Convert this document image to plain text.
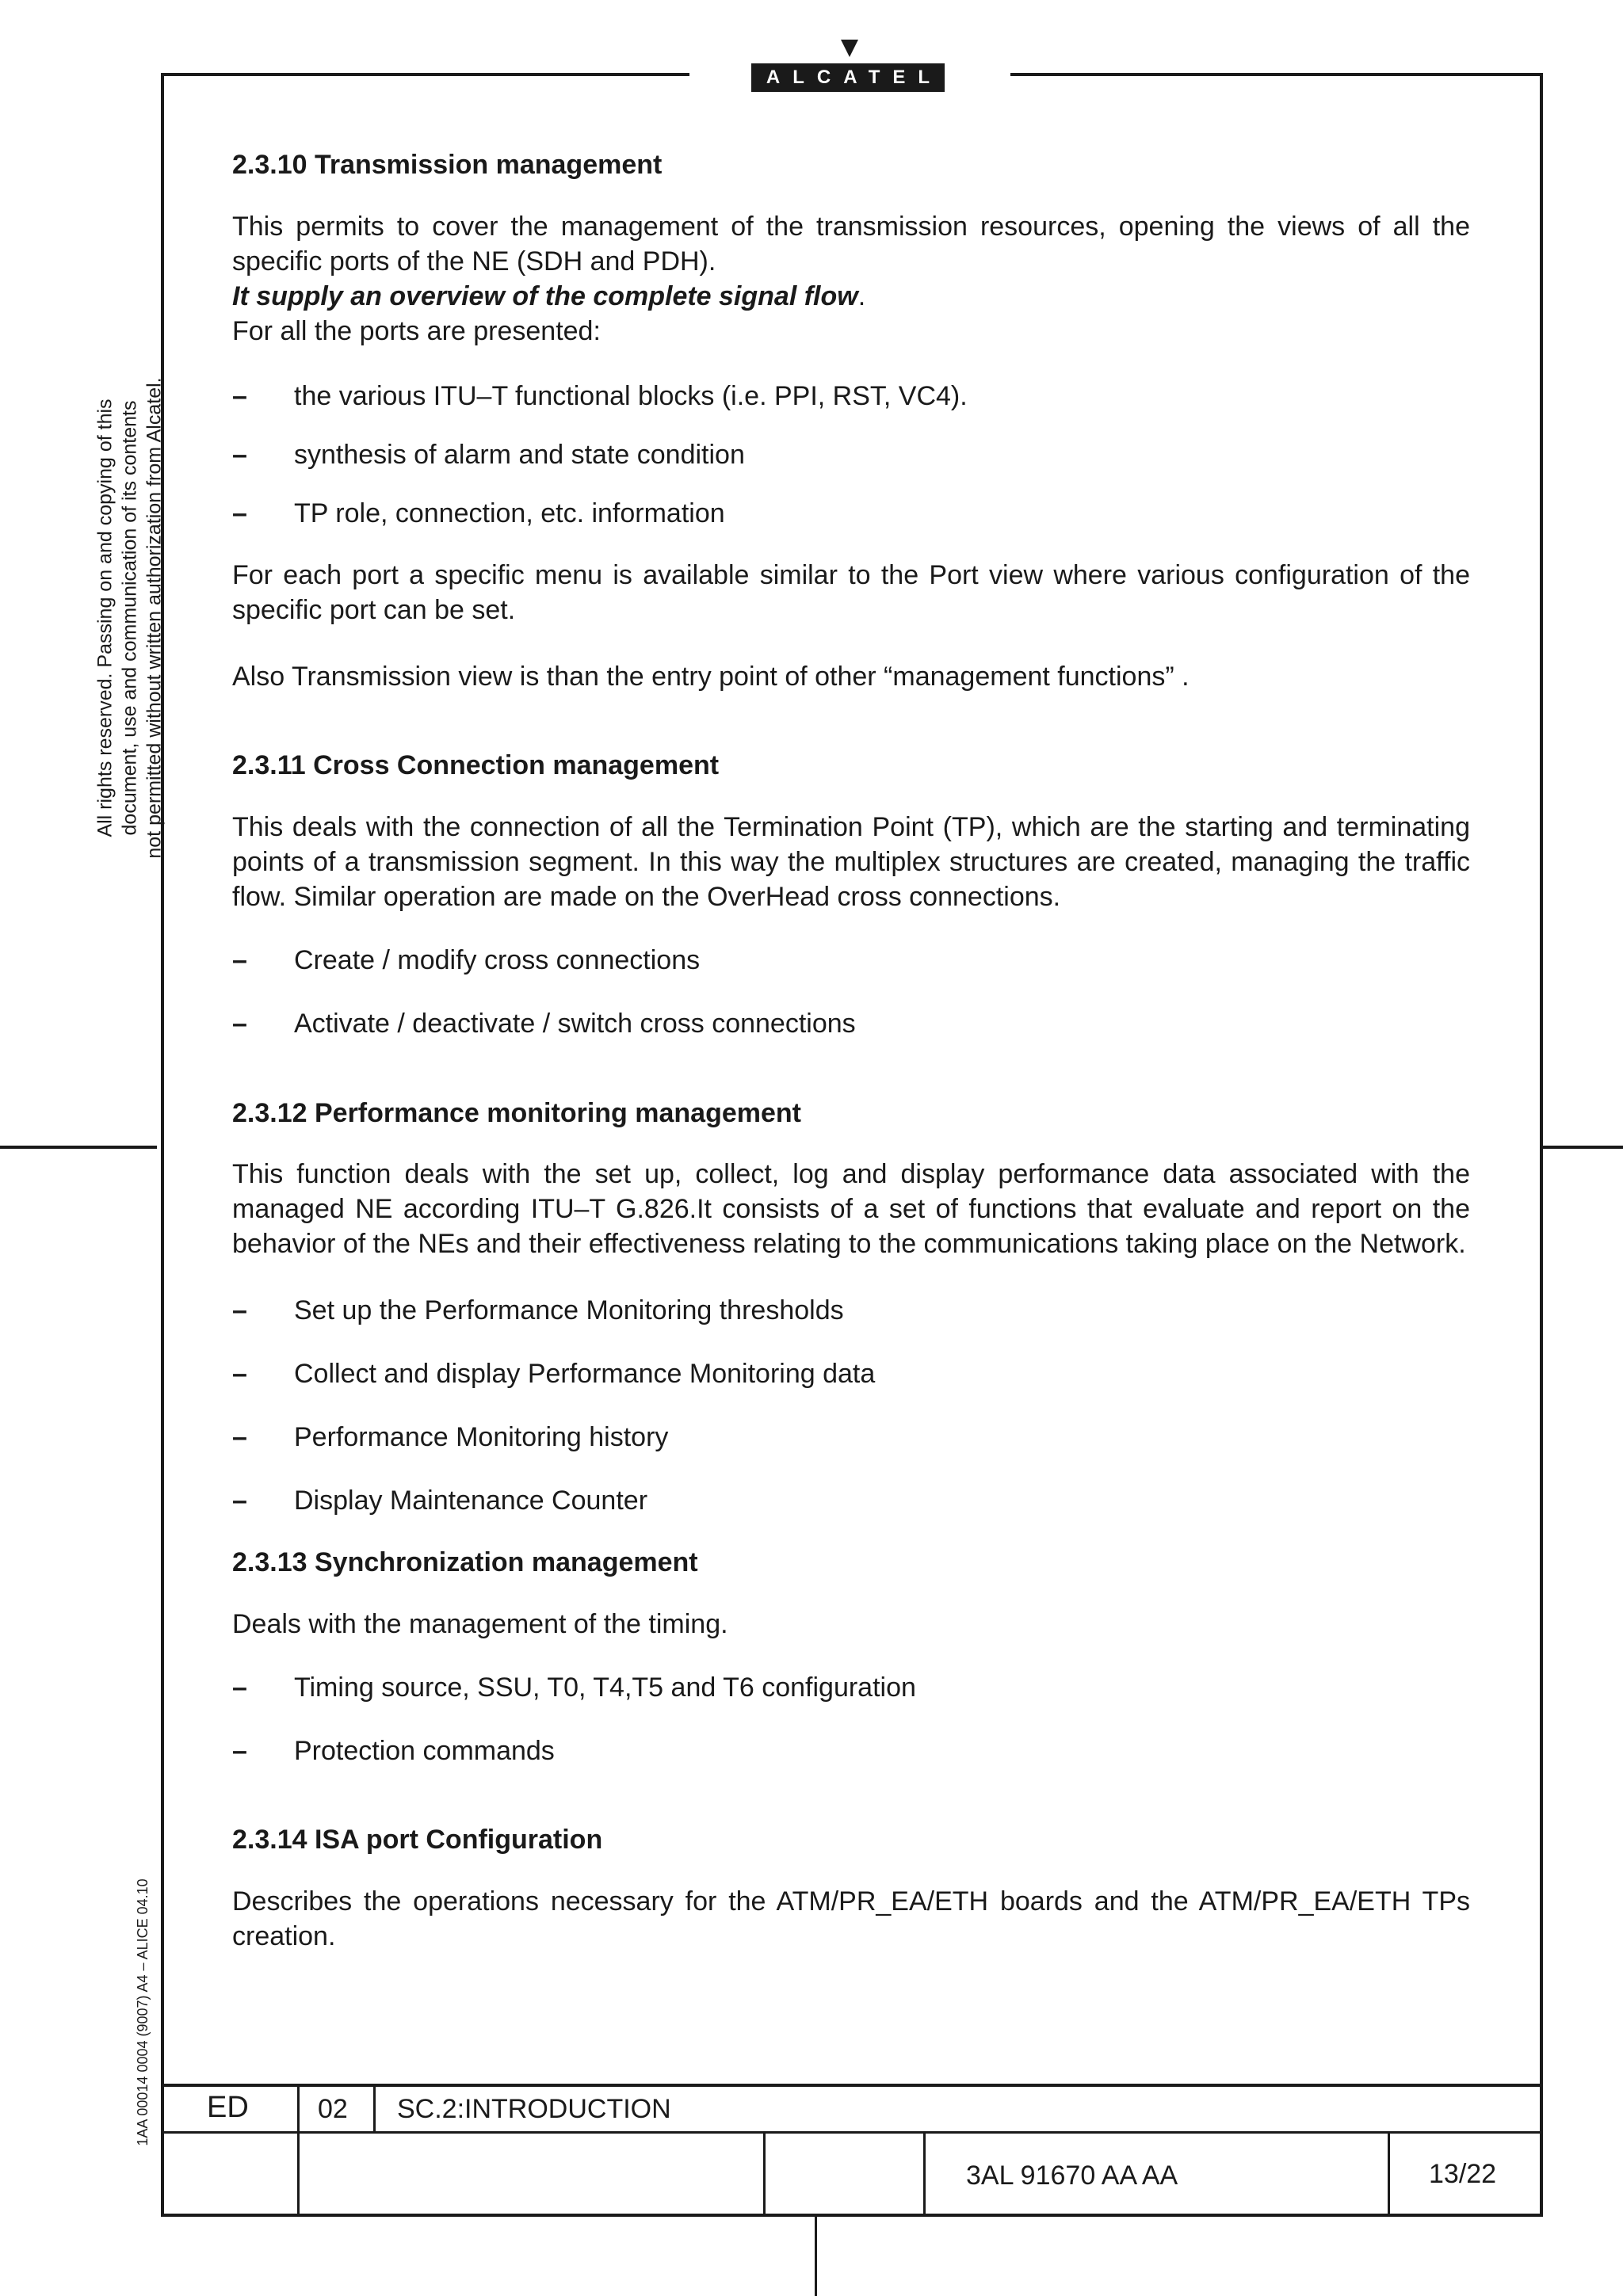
ALCATEL
All rights reserved. Passing on and copying of this document, use and communication of its contents not permitted without written authorization from Alcatel.
1AA 00014 0004 (9007) A4 – ALICE 04.10
2.3.10 Transmission management

This permits to cover the management of the transmission resources, opening the views of all the specific ports of the NE (SDH and PDH).

It supply an overview of the complete signal flow.

For all the ports are presented:

– the various ITU–T functional blocks (i.e. PPI, RST, VC4).
– synthesis of alarm and state condition
– TP role, connection, etc. information

For each port a specific menu is available similar to the Port view where various configuration of the specific port can be set.

Also Transmission view is than the entry point of other “management functions” .

2.3.11 Cross Connection management

This deals with the connection of all the Termination Point (TP), which are the starting and terminating points of a transmission segment. In this way the multiplex structures are created, managing the traffic flow. Similar operation are made on the OverHead cross connections.

– Create / modify cross connections
– Activate / deactivate / switch cross connections
2.3.12 Performance monitoring management

This function deals with the set up, collect, log and display performance data associated with the managed NE according ITU–T G.826.It consists of a set of functions that evaluate and report on the behavior of the NEs and their effectiveness relating to the communications taking place on the Network.

– Set up the Performance Monitoring thresholds
– Collect and display Performance Monitoring data
– Performance Monitoring history
– Display Maintenance Counter
2.3.13 Synchronization management

Deals with the management of the timing.

– Timing source, SSU, T0, T4,T5 and T6 configuration
– Protection commands
2.3.14 ISA port Configuration

Describes the operations necessary for the ATM/PR_EA/ETH boards and the ATM/PR_EA/ETH TPs creation.

ED	02 SC.2:INTRODUCTION
3AL 91670 AA AA	13/22
